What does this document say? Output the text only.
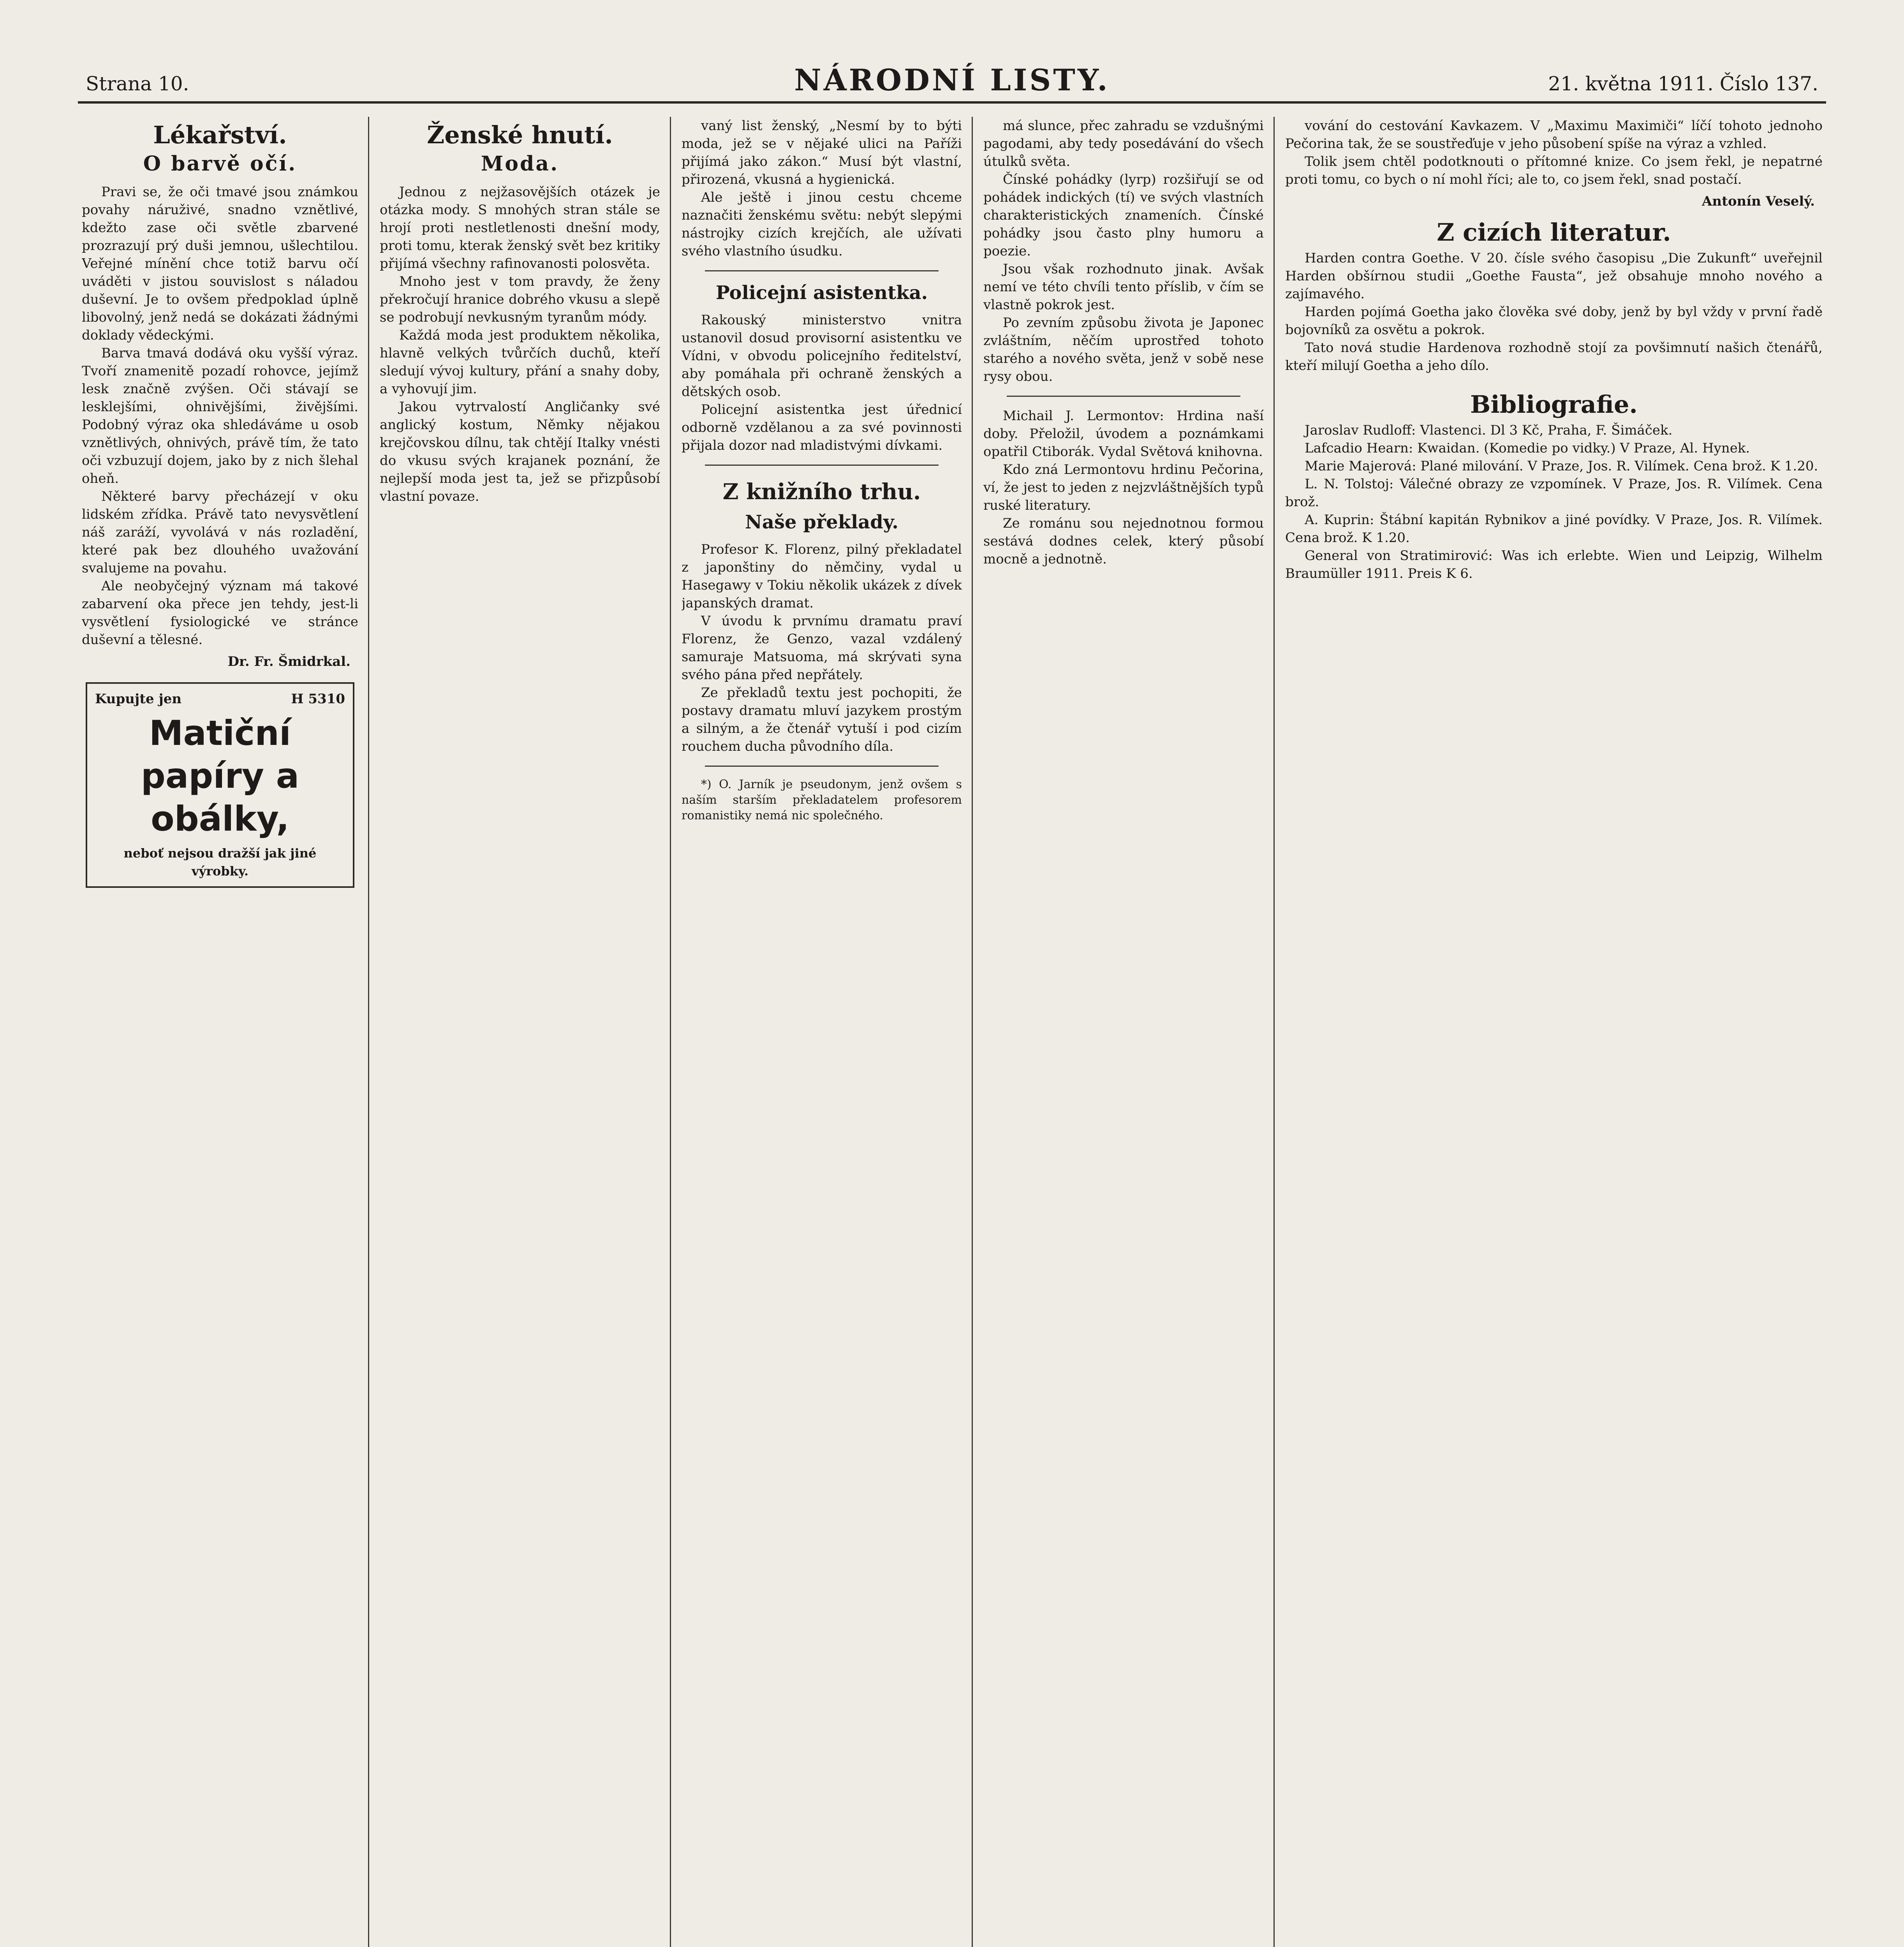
Strana 10.	NÁRODNÍ LISTY.	21. května 1911. Číslo 137.
Lékařství.
O barvě očí.

Pravi se, že oči tmavé jsou známkou povahy náruživé, snadno vznětlivé, kdežto zase oči světle zbarvené prozrazují prý duši jemnou, ušlechtilou. Veřejné mínění chce totiž barvu očí uváděti v jistou souvislost s náladou duševní. Je to ovšem předpoklad úplně libovolný, jenž nedá se dokázati žádnými doklady vědeckými.

Barva tmavá dodává oku vyšší výraz. Tvoří znamenitě pozadí rohovce, jejímž lesk značně zvýšen. Oči stávají se lesklejšími, ohnivějšími, živějšími. Podobný výraz oka shledáváme u osob vznětlivých, ohnivých, právě tím, že tato oči vzbuzují dojem, jako by z nich šlehal oheň.

Některé barvy přecházejí v oku lidském zřídka. Právě tato nevysvětlení náš zaráží, vyvolává v nás rozladění, které pak bez dlouhého uvažování svalujeme na povahu.

Ale neobyčejný význam má takové zabarvení oka přece jen tehdy, jest-li vysvětlení fysiologické ve stránce duševní a tělesné.

Dr. Fr. Šmidrkal.
Kupujte jen	H 5310
Matiční papíry a obálky,
neboť nejsou dražší jak jiné výrobky.
Ženské hnutí.
Moda.

Jednou z nejžasovějších otázek je otázka mody. S mnohých stran stále se hrojí proti nestletlenosti dnešní mody, proti tomu, kterak ženský svět bez kritiky přijímá všechny rafinovanosti polosvěta.

Mnoho jest v tom pravdy, že ženy překročují hranice dobrého vkusu a slepě se podrobují nevkusným tyranům módy.

Každá moda jest produktem několika, hlavně velkých tvůrčích duchů, kteří sledují vývoj kultury, přání a snahy doby, a vyhovují jim.

Jakou vytrvalostí Angličanky své anglický kostum, Němky nějakou krejčovskou dílnu, tak chtějí Italky vnésti do vkusu svých krajanek poznání, že nejlepší moda jest ta, jež se přizpůsobí vlastní povaze.

vaný list ženský, „Nesmí by to býti moda, jež se v nějaké ulici na Paříži přijímá jako zákon.“ Musí být vlastní, přirozená, vkusná a hygienická.

Ale ještě i jinou cestu chceme naznačiti ženskému světu: nebýt slepými nástrojky cizích krejčích, ale užívati svého vlastního úsudku.

Policejní asistentka.

Rakouský ministerstvo vnitra ustanovil dosud provisorní asistentku ve Vídni, v obvodu policejního ředitelství, aby pomáhala při ochraně ženských a dětských osob.

Policejní asistentka jest úřednicí odborně vzdělanou a za své povinnosti přijala dozor nad mladistvými dívkami.

Z knižního trhu.
Naše překlady.

Profesor K. Florenz, pilný překladatel z japonštiny do němčiny, vydal u Hasegawy v Tokiu několik ukázek z dívek japanských dramat.

V úvodu k prvnímu dramatu praví Florenz, že Genzo, vazal vzdálený samuraje Matsuoma, má skrývati syna svého pána před nepřátely.

Ze překladů textu jest pochopiti, že postavy dramatu mluví jazykem prostým a silným, a že čtenář vytuší i pod cizím rouchem ducha původního díla.

*) O. Jarník je pseudonym, jenž ovšem s naším starším překladatelem profesorem romanistiky nemá nic společného.

má slunce, přec zahradu se vzdušnými pagodami, aby tedy posedávání do všech útulků světa.

Čínské pohádky (lyrp) rozšiřují se od pohádek indických (tí) ve svých vlastních charakteristických znameních. Čínské pohádky jsou často plny humoru a poezie.

Jsou však rozhodnuto jinak. Avšak nemí ve této chvíli tento příslib, v čím se vlastně pokrok jest.

Po zevním způsobu života je Japonec zvláštním, něčím uprostřed tohoto starého a nového světa, jenž v sobě nese rysy obou.

Michail J. Lermontov: Hrdina naší doby. Přeložil, úvodem a poznámkami opatřil Ctiborák. Vydal Světová knihovna.

Kdo zná Lermontovu hrdinu Pečorina, ví, že jest to jeden z nejzvláštnějších typů ruské literatury.

Ze románu sou nejednotnou formou sestává dodnes celek, který působí mocně a jednotně.

vování do cestování Kavkazem. V „Maximu Maximiči“ líčí tohoto jednoho Pečorina tak, že se soustřeďuje v jeho působení spíše na výraz a vzhled.

Tolik jsem chtěl podotknouti o přítomné knize. Co jsem řekl, je nepatrné proti tomu, co bych o ní mohl říci; ale to, co jsem řekl, snad postačí.

Antonín Veselý.
Z cizích literatur.

Harden contra Goethe. V 20. čísle svého časopisu „Die Zukunft“ uveřejnil Harden obšírnou studii „Goethe Fausta“, jež obsahuje mnoho nového a zajímavého.

Harden pojímá Goetha jako člověka své doby, jenž by byl vždy v první řadě bojovníků za osvětu a pokrok.

Tato nová studie Hardenova rozhodně stojí za povšimnutí našich čtenářů, kteří milují Goetha a jeho dílo.

Bibliografie.

Jaroslav Rudloff: Vlastenci. Dl 3 Kč, Praha, F. Šimáček.

Lafcadio Hearn: Kwaidan. (Komedie po vidky.) V Praze, Al. Hynek.

Marie Majerová: Plané milování. V Praze, Jos. R. Vilímek. Cena brož. K 1.20.

L. N. Tolstoj: Válečné obrazy ze vzpomínek. V Praze, Jos. R. Vilímek. Cena brož.

A. Kuprin: Štábní kapitán Rybnikov a jiné povídky. V Praze, Jos. R. Vilímek. Cena brož. K 1.20.

General von Stratimirović: Was ich erlebte. Wien und Leipzig, Wilhelm Braumüller 1911. Preis K 6.
